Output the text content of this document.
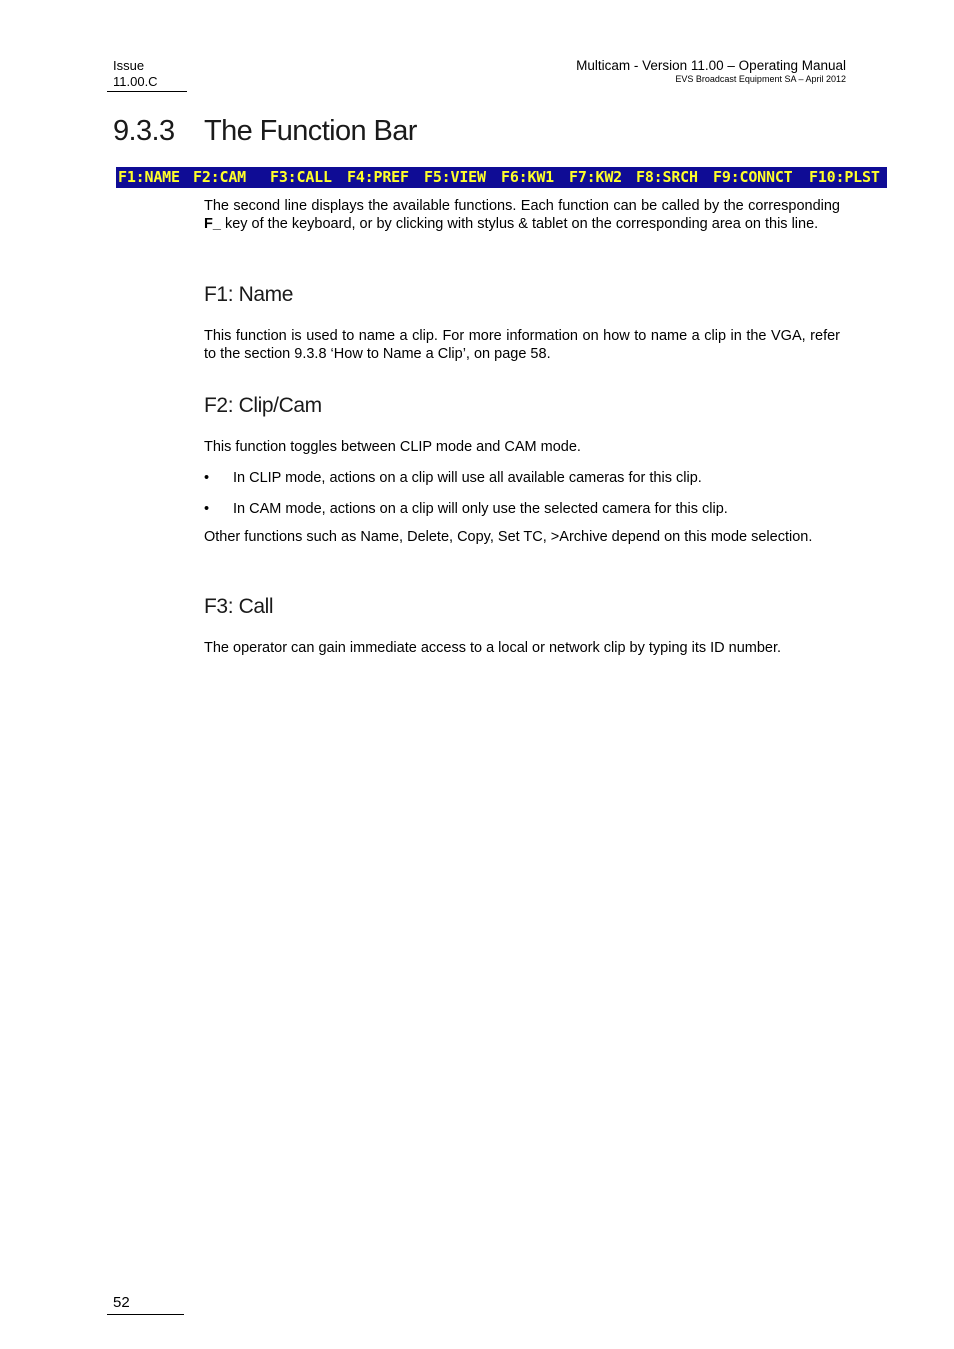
Issue
11.00.C
Multicam - Version 11.00 – Operating Manual
EVS Broadcast Equipment SA – April 2012
9.3.3 The Function Bar
F1:NAME F2:CAM F3:CALL F4:PREF F5:VIEW F6:KW1 F7:KW2 F8:SRCH F9:CONNCT F10:PLST
The second line displays the available functions. Each function can be called by the corresponding F_ key of the keyboard, or by clicking with stylus & tablet on the corresponding area on this line.
F1: Name
This function is used to name a clip. For more information on how to name a clip in the VGA, refer to the section 9.3.8 ‘How to Name a Clip’, on page 58.
F2: Clip/Cam
This function toggles between CLIP mode and CAM mode.
•	In CLIP mode, actions on a clip will use all available cameras for this clip.
•	In CAM mode, actions on a clip will only use the selected camera for this clip.
Other functions such as Name, Delete, Copy, Set TC, >Archive depend on this mode selection.
F3: Call
The operator can gain immediate access to a local or network clip by typing its ID number.
52
